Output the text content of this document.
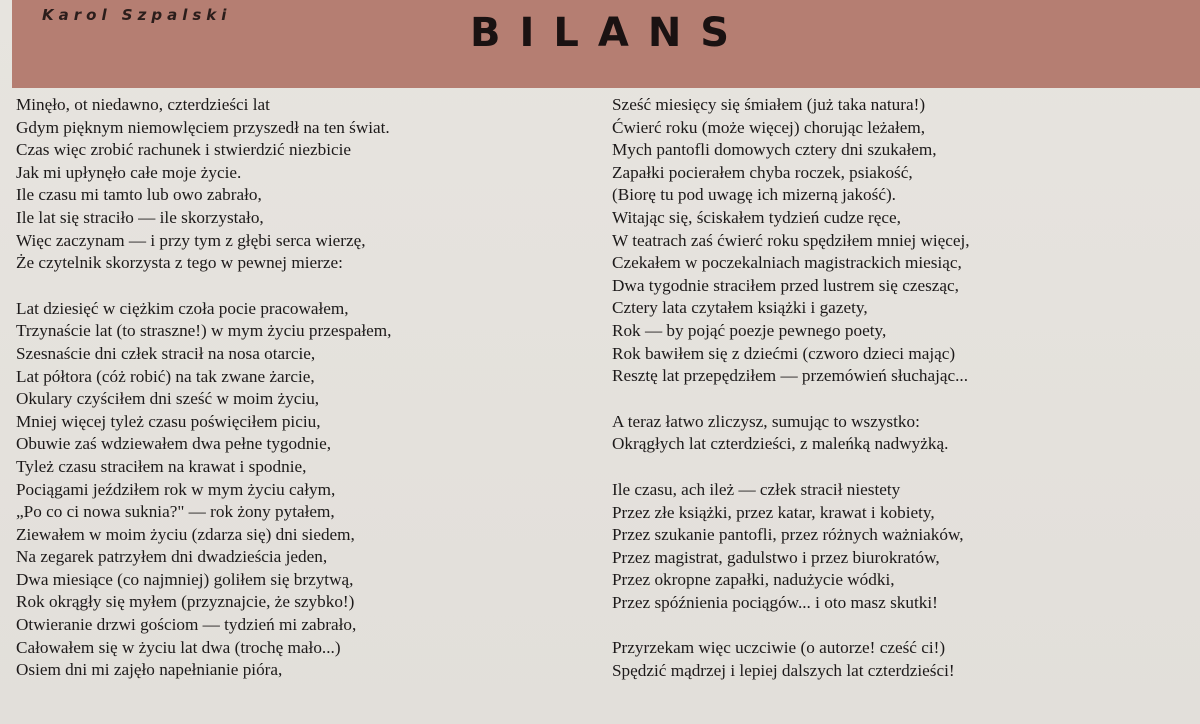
Karol Szpalski	BILANS
Minęło, ot niedawno, czterdzieści lat
Gdym pięknym niemowlęciem przyszedł na ten świat.
Czas więc zrobić rachunek i stwierdzić niezbicie
Jak mi upłynęło całe moje życie.
Ile czasu mi tamto lub owo zabrało,
Ile lat się straciło — ile skorzystało,
Więc zaczynam — i przy tym z głębi serca wierzę,
Że czytelnik skorzysta z tego w pewnej mierze:
Lat dziesięć w ciężkim czoła pocie pracowałem,
Trzynaście lat (to straszne!) w mym życiu przespałem,
Szesnaście dni człek stracił na nosa otarcie,
Lat półtora (cóż robić) na tak zwane żarcie,
Okulary czyściłem dni sześć w moim życiu,
Mniej więcej tyleż czasu poświęciłem piciu,
Obuwie zaś wdziewałem dwa pełne tygodnie,
Tyleż czasu straciłem na krawat i spodnie,
Pociągami jeździłem rok w mym życiu całym,
„Po co ci nowa suknia?" — rok żony pytałem,
Ziewałem w moim życiu (zdarza się) dni siedem,
Na zegarek patrzyłem dni dwadzieścia jeden,
Dwa miesiące (co najmniej) goliłem się brzytwą,
Rok okrągły się myłem (przyznajcie, że szybko!)
Otwieranie drzwi gościom — tydzień mi zabrało,
Całowałem się w życiu lat dwa (trochę mało...)
Osiem dni mi zajęło napełnianie pióra,
Sześć miesięcy się śmiałem (już taka natura!)
Ćwierć roku (może więcej) chorując leżałem,
Mych pantofli domowych cztery dni szukałem,
Zapałki pocierałem chyba roczek, psiakość,
(Biorę tu pod uwagę ich mizerną jakość).
Witając się, ściskałem tydzień cudze ręce,
W teatrach zaś ćwierć roku spędziłem mniej więcej,
Czekałem w poczekalniach magistrackich miesiąc,
Dwa tygodnie straciłem przed lustrem się czesząc,
Cztery lata czytałem książki i gazety,
Rok — by pojąć poezje pewnego poety,
Rok bawiłem się z dziećmi (czworo dzieci mając)
Resztę lat przepędziłem — przemówień słuchając...
A teraz łatwo zliczysz, sumując to wszystko:
Okrągłych lat czterdzieści, z maleńką nadwyżką.
Ile czasu, ach ileż — człek stracił niestety
Przez złe książki, przez katar, krawat i kobiety,
Przez szukanie pantofli, przez różnych ważniaków,
Przez magistrat, gadulstwo i przez biurokratów,
Przez okropne zapałki, nadużycie wódki,
Przez spóźnienia pociągów... i oto masz skutki!
Przyrzekam więc uczciwie (o autorze! cześć ci!)
Spędzić mądrzej i lepiej dalszych lat czterdzieści!
